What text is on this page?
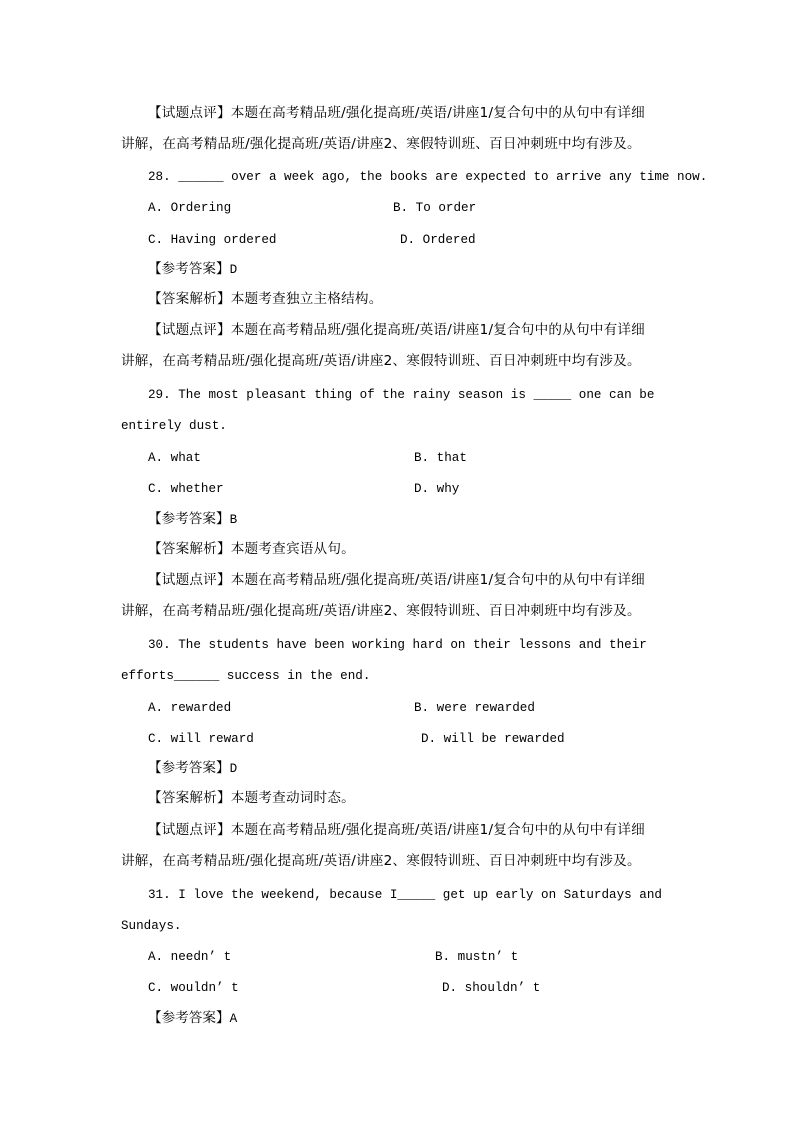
【试题点评】本题在高考精品班/强化提高班/英语/讲座1/复合句中的从句中有详细
讲解，在高考精品班/强化提高班/英语/讲座2、寒假特训班、百日冲刺班中均有涉及。
28. ______ over a week ago, the books are expected to arrive any time now.
A. Ordering	B. To order
C. Having ordered	D. Ordered
【参考答案】D
【答案解析】本题考查独立主格结构。
【试题点评】本题在高考精品班/强化提高班/英语/讲座1/复合句中的从句中有详细
讲解，在高考精品班/强化提高班/英语/讲座2、寒假特训班、百日冲刺班中均有涉及。
29. The most pleasant thing of the rainy season is _____ one can be
entirely dust.
A. what	B. that
C. whether	D. why
【参考答案】B
【答案解析】本题考查宾语从句。
【试题点评】本题在高考精品班/强化提高班/英语/讲座1/复合句中的从句中有详细
讲解，在高考精品班/强化提高班/英语/讲座2、寒假特训班、百日冲刺班中均有涉及。
30. The students have been working hard on their lessons and their
efforts______ success in the end.
A. rewarded	B. were rewarded
C. will reward	D. will be rewarded
【参考答案】D
【答案解析】本题考查动词时态。
【试题点评】本题在高考精品班/强化提高班/英语/讲座1/复合句中的从句中有详细
讲解，在高考精品班/强化提高班/英语/讲座2、寒假特训班、百日冲刺班中均有涉及。
31. I love the weekend, because I_____ get up early on Saturdays and
Sundays.
A. needn’ t	B. mustn’ t
C. wouldn’ t	D. shouldn’ t
【参考答案】A
